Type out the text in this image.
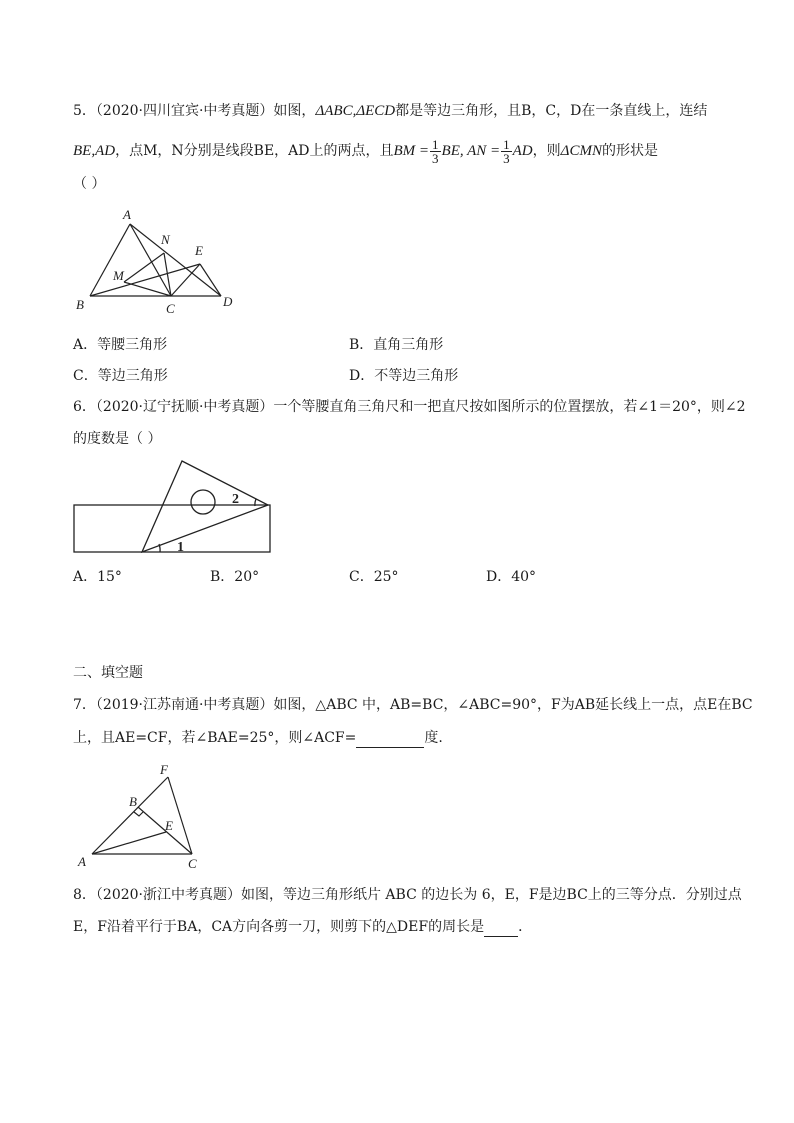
5．（2020·四川宜宾·中考真题）如图，ΔABC,ΔECD都是等边三角形，且B，C，D在一条直线上，连结
BE,AD，点M，N分别是线段BE，AD上的两点，且BM = $\frac{1}{3}$ BE, AN = $\frac{1}{3}$ AD，则ΔCMN的形状是
（ ）
A
N
E
M
B	C	D
A．等腰三角形	B．直角三角形
C．等边三角形	D．不等边三角形
6．（2020·辽宁抚顺·中考真题）一个等腰直角三角尺和一把直尺按如图所示的位置摆放，若∠1＝20°，则∠2
的度数是（ ）
1
2
A．15°	B．20°	C．25°	D．40°
二、填空题
7．（2019·江苏南通·中考真题）如图，△ABC 中，AB=BC，∠ABC=90°，F为AB延长线上一点，点E在BC
上，且AE=CF，若∠BAE=25°，则∠ACF=	度.
F
B
E
A	C
8．（2020·浙江中考真题）如图，等边三角形纸片 ABC 的边长为 6，E，F是边BC上的三等分点．分别过点
E，F沿着平行于BA，CA方向各剪一刀，则剪下的△DEF的周长是 ．
